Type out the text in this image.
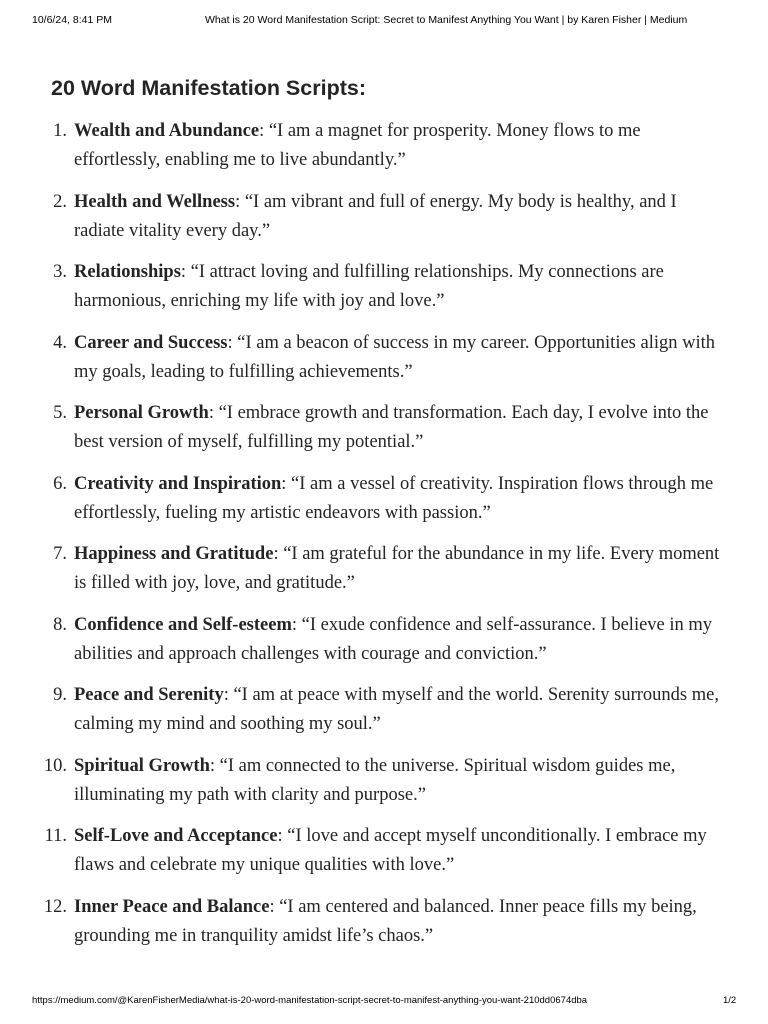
10/6/24, 8:41 PM	What is 20 Word Manifestation Script: Secret to Manifest Anything You Want | by Karen Fisher | Medium
20 Word Manifestation Scripts:
1. Wealth and Abundance: “I am a magnet for prosperity. Money flows to me effortlessly, enabling me to live abundantly.”
2. Health and Wellness: “I am vibrant and full of energy. My body is healthy, and I radiate vitality every day.”
3. Relationships: “I attract loving and fulfilling relationships. My connections are harmonious, enriching my life with joy and love.”
4. Career and Success: “I am a beacon of success in my career. Opportunities align with my goals, leading to fulfilling achievements.”
5. Personal Growth: “I embrace growth and transformation. Each day, I evolve into the best version of myself, fulfilling my potential.”
6. Creativity and Inspiration: “I am a vessel of creativity. Inspiration flows through me effortlessly, fueling my artistic endeavors with passion.”
7. Happiness and Gratitude: “I am grateful for the abundance in my life. Every moment is filled with joy, love, and gratitude.”
8. Confidence and Self-esteem: “I exude confidence and self-assurance. I believe in my abilities and approach challenges with courage and conviction.”
9. Peace and Serenity: “I am at peace with myself and the world. Serenity surrounds me, calming my mind and soothing my soul.”
10. Spiritual Growth: “I am connected to the universe. Spiritual wisdom guides me, illuminating my path with clarity and purpose.”
11. Self-Love and Acceptance: “I love and accept myself unconditionally. I embrace my flaws and celebrate my unique qualities with love.”
12. Inner Peace and Balance: “I am centered and balanced. Inner peace fills my being, grounding me in tranquility amidst life’s chaos.”
https://medium.com/@KarenFisherMedia/what-is-20-word-manifestation-script-secret-to-manifest-anything-you-want-210dd0674dba	1/2
